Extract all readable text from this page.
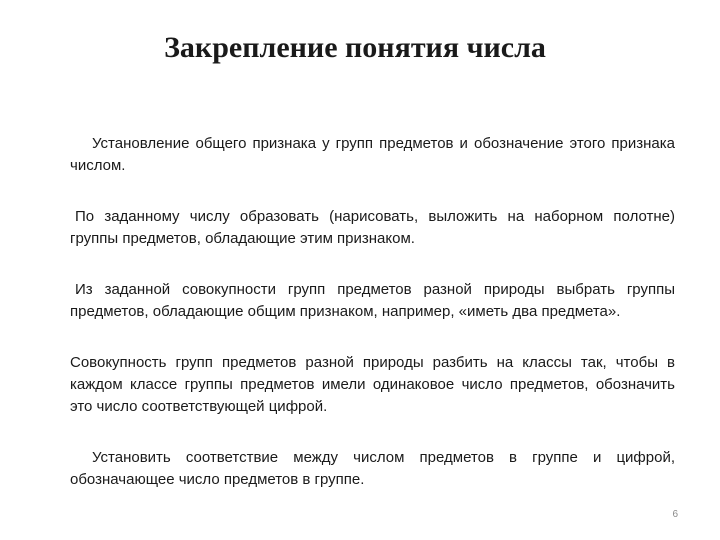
Закрепление понятия числа

Установление общего признака у групп предметов и обозначение этого признака числом.

По заданному числу образовать (нарисовать, выложить на наборном полотне) группы предметов, обладающие этим признаком.

Из заданной совокупности групп предметов разной природы выбрать группы предметов, обладающие общим признаком, например, «иметь два предмета».

Совокупность групп предметов разной природы разбить на классы так, чтобы в каждом классе группы предметов имели одинаковое число предметов, обозначить это число соответствующей цифрой.

Установить соответствие между числом предметов в группе и цифрой, обозначающее число предметов в группе.

6
